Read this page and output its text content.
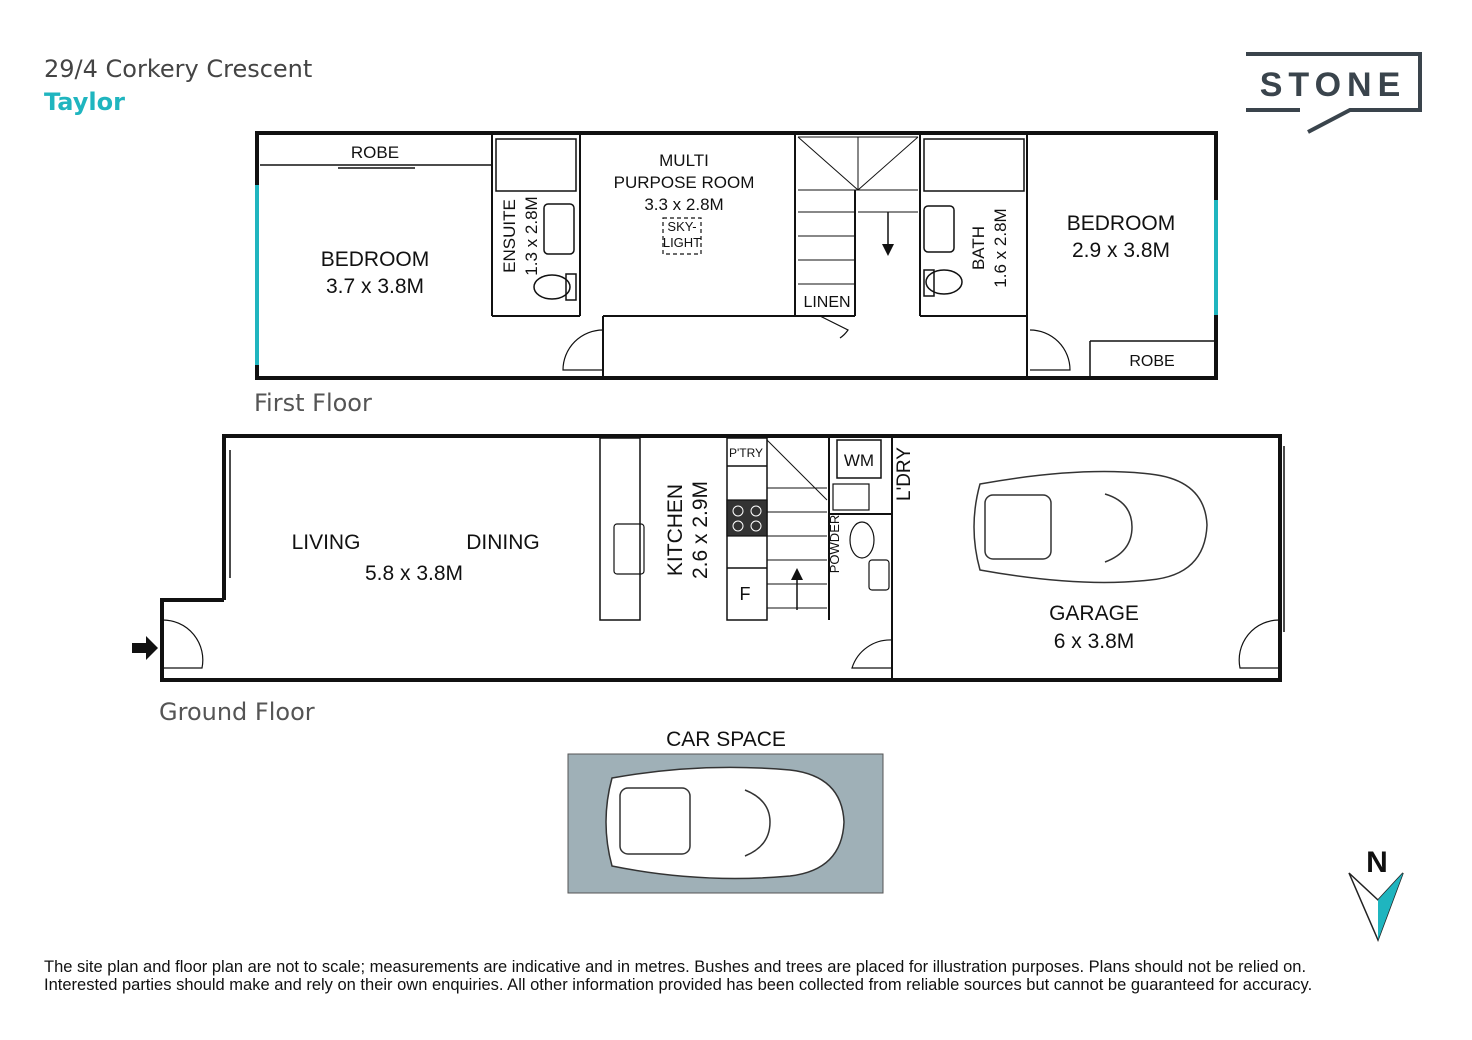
29/4 Corkery Crescent
Taylor	STONE
N
ROBE
BEDROOM
3.7 x 3.8M
ENSUITE 1.3 x 2.8M
MULTI
PURPOSE ROOM
3.3 x 2.8M
SKY-
LIGHT
LINEN
BATH 1.6 x 2.8M	BEDROOM
2.9 x 3.8M
ROBE
LIVING	DINING
5.8 x 3.8M	KITCHEN 2.6 x 2.9M
P'TRY
F
WM L'DRY
POWDER
GARAGE
6 x 3.8M
CAR SPACE
First Floor
Ground Floor
The site plan and floor plan are not to scale; measurements are indicative and in metres. Bushes and trees are placed for illustration purposes. Plans should not be relied on.
Interested parties should make and rely on their own enquiries. All other information provided has been collected from reliable sources but cannot be guaranteed for accuracy.
